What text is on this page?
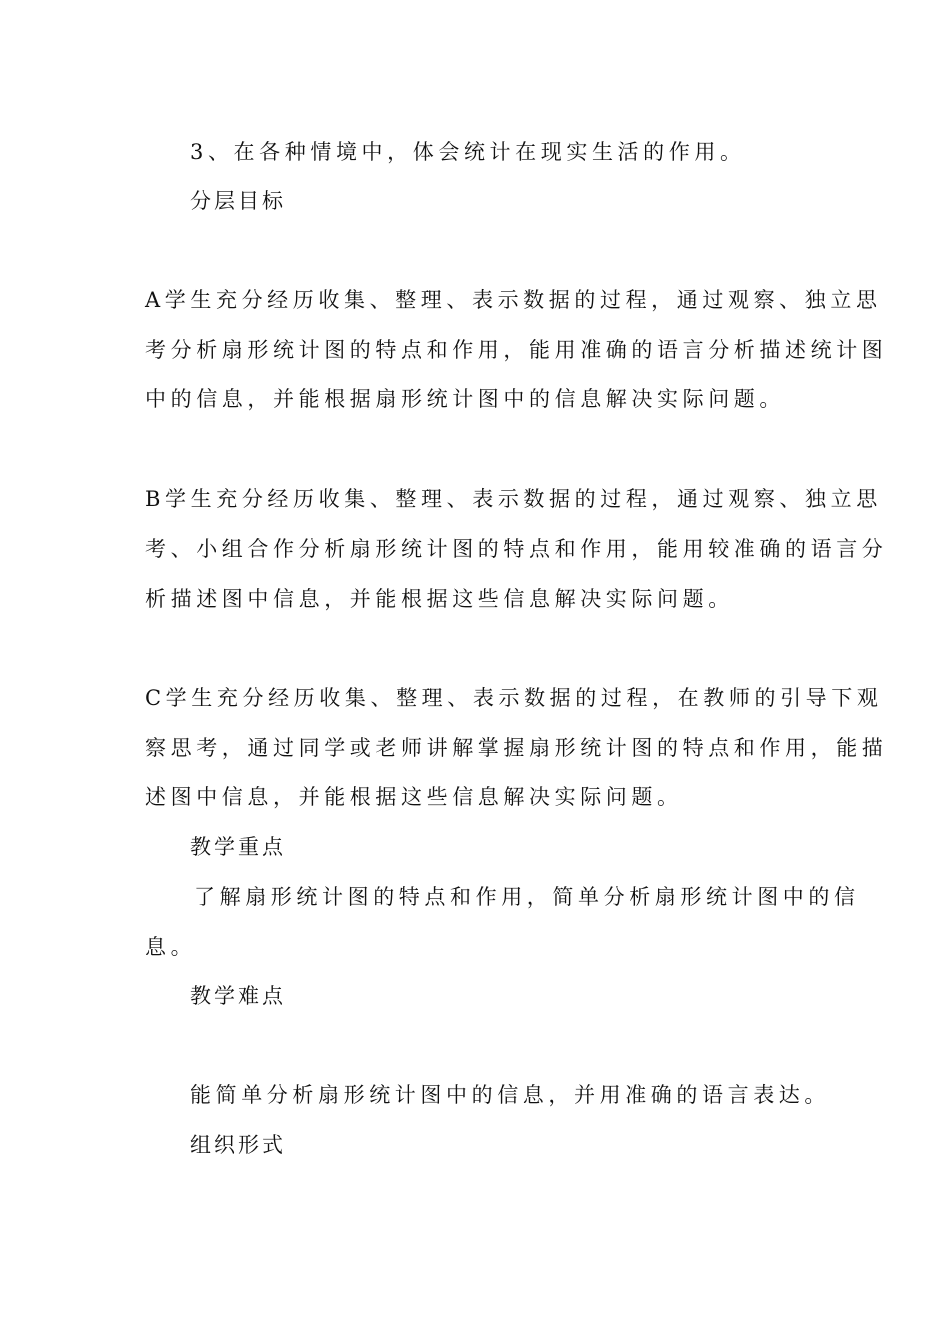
3、在各种情境中，体会统计在现实生活的作用。
分层目标
A学生充分经历收集、整理、表示数据的过程，通过观察、独立思
考分析扇形统计图的特点和作用，能用准确的语言分析描述统计图
中的信息，并能根据扇形统计图中的信息解决实际问题。
B学生充分经历收集、整理、表示数据的过程，通过观察、独立思
考、小组合作分析扇形统计图的特点和作用，能用较准确的语言分
析描述图中信息，并能根据这些信息解决实际问题。
C学生充分经历收集、整理、表示数据的过程，在教师的引导下观
察思考，通过同学或老师讲解掌握扇形统计图的特点和作用，能描
述图中信息，并能根据这些信息解决实际问题。
教学重点
了解扇形统计图的特点和作用，简单分析扇形统计图中的信
息。
教学难点
能简单分析扇形统计图中的信息，并用准确的语言表达。
组织形式
